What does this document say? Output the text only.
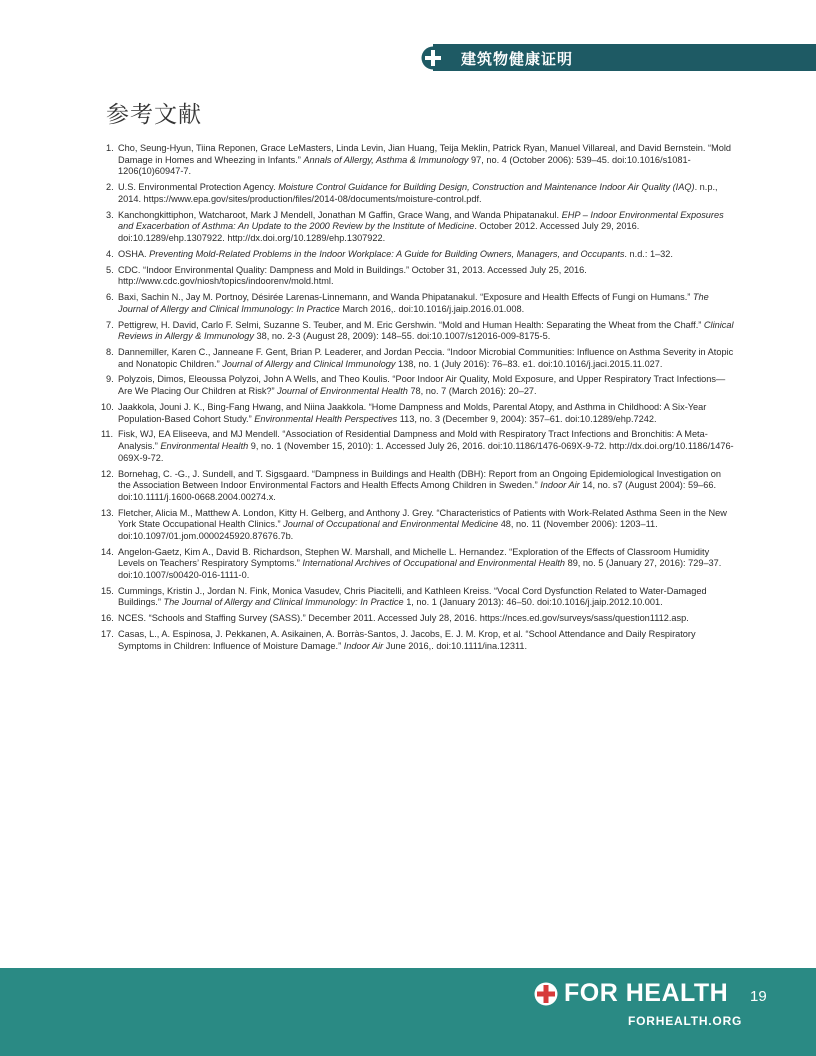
建筑物健康证明
参考文献
1. Cho, Seung-Hyun, Tiina Reponen, Grace LeMasters, Linda Levin, Jian Huang, Teija Meklin, Patrick Ryan, Manuel Villareal, and David Bernstein. “Mold Damage in Homes and Wheezing in Infants.” Annals of Allergy, Asthma & Immunology 97, no. 4 (October 2006): 539–45. doi:10.1016/s1081-1206(10)60947-7.
2. U.S. Environmental Protection Agency. Moisture Control Guidance for Building Design, Construction and Maintenance Indoor Air Quality (IAQ). n.p., 2014. https://www.epa.gov/sites/production/files/2014-08/documents/moisture-control.pdf.
3. Kanchongkittiphon, Watcharoot, Mark J Mendell, Jonathan M Gaffin, Grace Wang, and Wanda Phipatanakul. EHP – Indoor Environmental Exposures and Exacerbation of Asthma: An Update to the 2000 Review by the Institute of Medicine. October 2012. Accessed July 29, 2016. doi:10.1289/ehp.1307922. http://dx.doi.org/10.1289/ehp.1307922.
4. OSHA. Preventing Mold-Related Problems in the Indoor Workplace: A Guide for Building Owners, Managers, and Occupants. n.d.: 1–32.
5. CDC. “Indoor Environmental Quality: Dampness and Mold in Buildings.” October 31, 2013. Accessed July 25, 2016. http://www.cdc.gov/niosh/topics/indoorenv/mold.html.
6. Baxi, Sachin N., Jay M. Portnoy, Désirée Larenas-Linnemann, and Wanda Phipatanakul. “Exposure and Health Effects of Fungi on Humans.” The Journal of Allergy and Clinical Immunology: In Practice March 2016,. doi:10.1016/j.jaip.2016.01.008.
7. Pettigrew, H. David, Carlo F. Selmi, Suzanne S. Teuber, and M. Eric Gershwin. “Mold and Human Health: Separating the Wheat from the Chaff.” Clinical Reviews in Allergy & Immunology 38, no. 2-3 (August 28, 2009): 148–55. doi:10.1007/s12016-009-8175-5.
8. Dannemiller, Karen C., Janneane F. Gent, Brian P. Leaderer, and Jordan Peccia. “Indoor Microbial Communities: Influence on Asthma Severity in Atopic and Nonatopic Children.” Journal of Allergy and Clinical Immunology 138, no. 1 (July 2016): 76–83. e1. doi:10.1016/j.jaci.2015.11.027.
9. Polyzois, Dimos, Eleoussa Polyzoi, John A Wells, and Theo Koulis. “Poor Indoor Air Quality, Mold Exposure, and Upper Respiratory Tract Infections—Are We Placing Our Children at Risk?” Journal of Environmental Health 78, no. 7 (March 2016): 20–27.
10. Jaakkola, Jouni J. K., Bing-Fang Hwang, and Niina Jaakkola. “Home Dampness and Molds, Parental Atopy, and Asthma in Childhood: A Six-Year Population-Based Cohort Study.” Environmental Health Perspectives 113, no. 3 (December 9, 2004): 357–61. doi:10.1289/ehp.7242.
11. Fisk, WJ, EA Eliseeva, and MJ Mendell. “Association of Residential Dampness and Mold with Respiratory Tract Infections and Bronchitis: A Meta-Analysis.” Environmental Health 9, no. 1 (November 15, 2010): 1. Accessed July 26, 2016. doi:10.1186/1476-069X-9-72. http://dx.doi.org/10.1186/1476-069X-9-72.
12. Bornehag, C. -G., J. Sundell, and T. Sigsgaard. “Dampness in Buildings and Health (DBH): Report from an Ongoing Epidemiological Investigation on the Association Between Indoor Environmental Factors and Health Effects Among Children in Sweden.” Indoor Air 14, no. s7 (August 2004): 59–66. doi:10.1111/j.1600-0668.2004.00274.x.
13. Fletcher, Alicia M., Matthew A. London, Kitty H. Gelberg, and Anthony J. Grey. “Characteristics of Patients with Work-Related Asthma Seen in the New York State Occupational Health Clinics.” Journal of Occupational and Environmental Medicine 48, no. 11 (November 2006): 1203–11. doi:10.1097/01.jom.0000245920.87676.7b.
14. Angelon-Gaetz, Kim A., David B. Richardson, Stephen W. Marshall, and Michelle L. Hernandez. “Exploration of the Effects of Classroom Humidity Levels on Teachers’ Respiratory Symptoms.” International Archives of Occupational and Environmental Health 89, no. 5 (January 27, 2016): 729–37. doi:10.1007/s00420-016-1111-0.
15. Cummings, Kristin J., Jordan N. Fink, Monica Vasudev, Chris Piacitelli, and Kathleen Kreiss. “Vocal Cord Dysfunction Related to Water-Damaged Buildings.” The Journal of Allergy and Clinical Immunology: In Practice 1, no. 1 (January 2013): 46–50. doi:10.1016/j.jaip.2012.10.001.
16. NCES. “Schools and Staffing Survey (SASS).” December 2011. Accessed July 28, 2016. https://nces.ed.gov/surveys/sass/question1112.asp.
17. Casas, L., A. Espinosa, J. Pekkanen, A. Asikainen, A. Borràs-Santos, J. Jacobs, E. J. M. Krop, et al. “School Attendance and Daily Respiratory Symptoms in Children: Influence of Moisture Damage.” Indoor Air June 2016,. doi:10.1111/ina.12311.
FOR HEALTH 19
FORHEALTH.ORG
